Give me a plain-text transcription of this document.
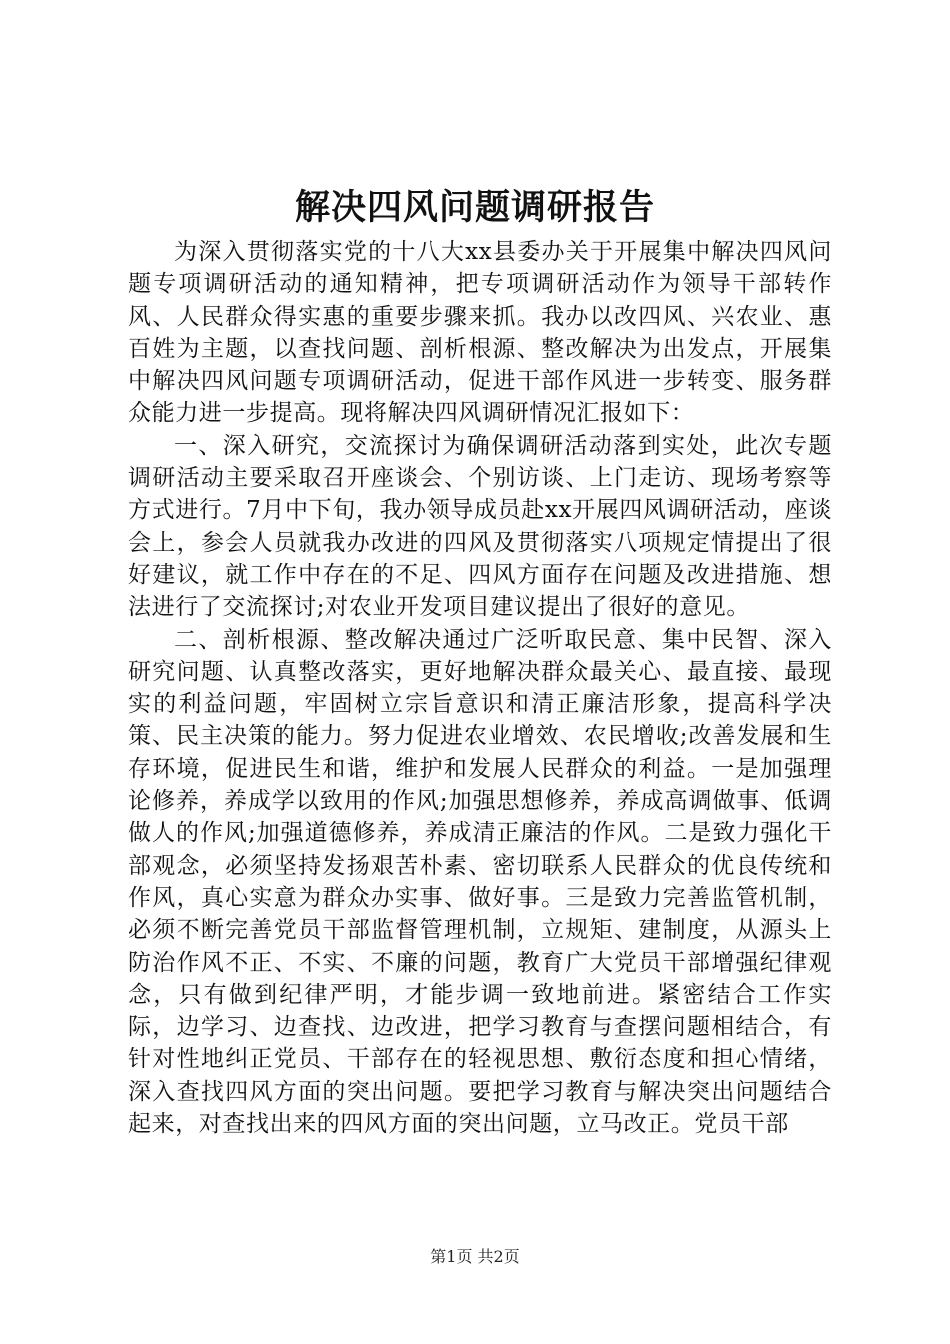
解决四风问题调研报告

为深入贯彻落实党的十八大xx县委办关于开展集中解决四风问题专项调研活动的通知精神，把专项调研活动作为领导干部转作风、人民群众得实惠的重要步骤来抓。我办以改四风、兴农业、惠百姓为主题，以查找问题、剖析根源、整改解决为出发点，开展集中解决四风问题专项调研活动，促进干部作风进一步转变、服务群众能力进一步提高。现将解决四风调研情况汇报如下：

一、深入研究，交流探讨为确保调研活动落到实处，此次专题调研活动主要采取召开座谈会、个别访谈、上门走访、现场考察等方式进行。7月中下旬，我办领导成员赴xx开展四风调研活动，座谈会上，参会人员就我办改进的四风及贯彻落实八项规定情提出了很好建议，就工作中存在的不足、四风方面存在问题及改进措施、想法进行了交流探讨;对农业开发项目建议提出了很好的意见。

二、剖析根源、整改解决通过广泛听取民意、集中民智、深入研究问题、认真整改落实，更好地解决群众最关心、最直接、最现实的利益问题，牢固树立宗旨意识和清正廉洁形象，提高科学决策、民主决策的能力。努力促进农业增效、农民增收;改善发展和生存环境，促进民生和谐，维护和发展人民群众的利益。一是加强理论修养，养成学以致用的作风;加强思想修养，养成高调做事、低调做人的作风;加强道德修养，养成清正廉洁的作风。二是致力强化干部观念，必须坚持发扬艰苦朴素、密切联系人民群众的优良传统和作风，真心实意为群众办实事、做好事。三是致力完善监管机制，必须不断完善党员干部监督管理机制，立规矩、建制度，从源头上防治作风不正、不实、不廉的问题，教育广大党员干部增强纪律观念，只有做到纪律严明，才能步调一致地前进。紧密结合工作实际，边学习、边查找、边改进，把学习教育与查摆问题相结合，有针对性地纠正党员、干部存在的轻视思想、敷衍态度和担心情绪，深入查找四风方面的突出问题。要把学习教育与解决突出问题结合起来，对查找出来的四风方面的突出问题，立马改正。党员干部

第1页 共2页
